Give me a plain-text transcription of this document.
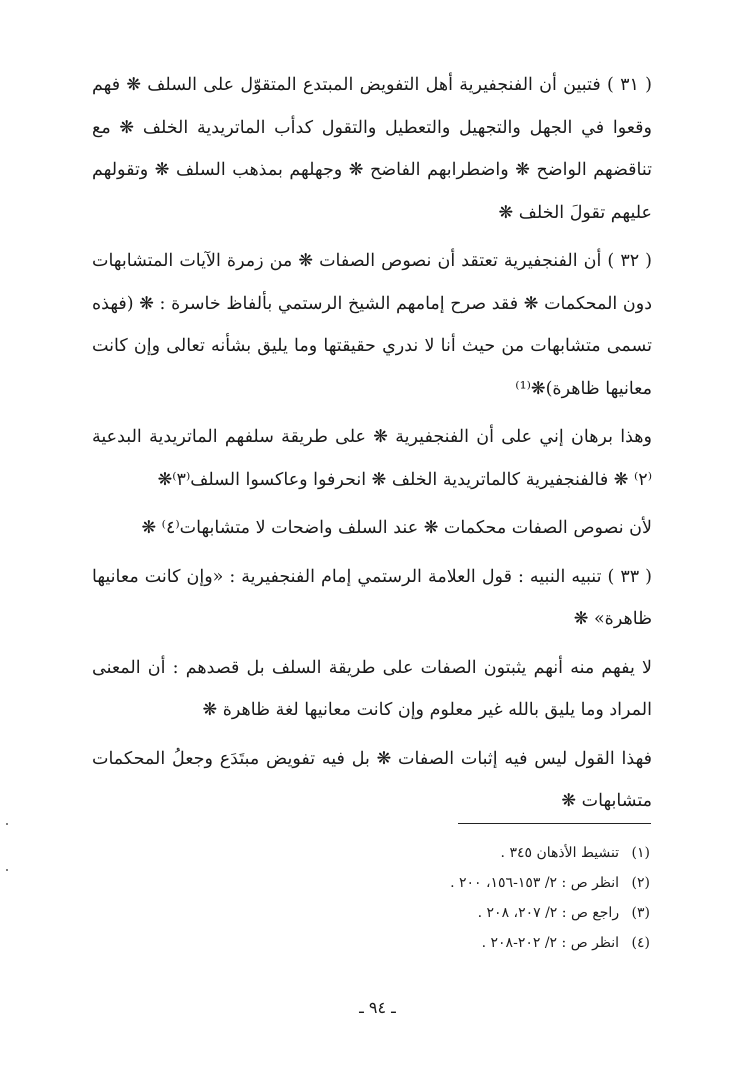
( ٣١ ) فتبين أن الفنجفيرية أهل التفويض المبتدع المتقوّل على السلف ❋ فهم وقعوا في الجهل والتجهيل والتعطيل والتقول كدأب الماتريدية الخلف ❋ مع تناقضهم الواضح ❋ واضطرابهم الفاضح ❋ وجهلهم بمذهب السلف ❋ وتقولهم عليهم تقولَ الخلف ❋

( ٣٢ ) أن الفنجفيرية تعتقد أن نصوص الصفات ❋ من زمرة الآيات المتشابهات دون المحكمات ❋ فقد صرح إمامهم الشيخ الرستمي بألفاظ خاسرة : ❋ (فهذه تسمى متشابهات من حيث أنا لا ندري حقيقتها وما يليق بشأنه تعالى وإن كانت معانيها ظاهرة)❋⁽¹⁾

وهذا برهان إني على أن الفنجفيرية ❋ على طريقة سلفهم الماتريدية البدعية ⁽٢⁾ ❋ فالفنجفيرية كالماتريدية الخلف ❋ انحرفوا وعاكسوا السلف⁽٣⁾❋

لأن نصوص الصفات محكمات ❋ عند السلف واضحات لا متشابهات⁽٤⁾ ❋

( ٣٣ ) تنبيه النبيه : قول العلامة الرستمي إمام الفنجفيرية : «وإن كانت معانيها ظاهرة» ❋

لا يفهم منه أنهم يثبتون الصفات على طريقة السلف بل قصدهم : أن المعنى المراد وما يليق بالله غير معلوم وإن كانت معانيها لغة ظاهرة ❋

فهذا القول ليس فيه إثبات الصفات ❋ بل فيه تفويض مبتَدَع وجعلُ المحكمات متشابهات ❋

(١) تنشيط الأذهان ٣٤٥ .
(٢) انظر ص : ٢/ ١٥٣-١٥٦، ٢٠٠ .
(٣) راجع ص : ٢/ ٢٠٧، ٢٠٨ .
(٤) انظر ص : ٢/ ٢٠٢-٢٠٨ .
ـ ٩٤ ـ
